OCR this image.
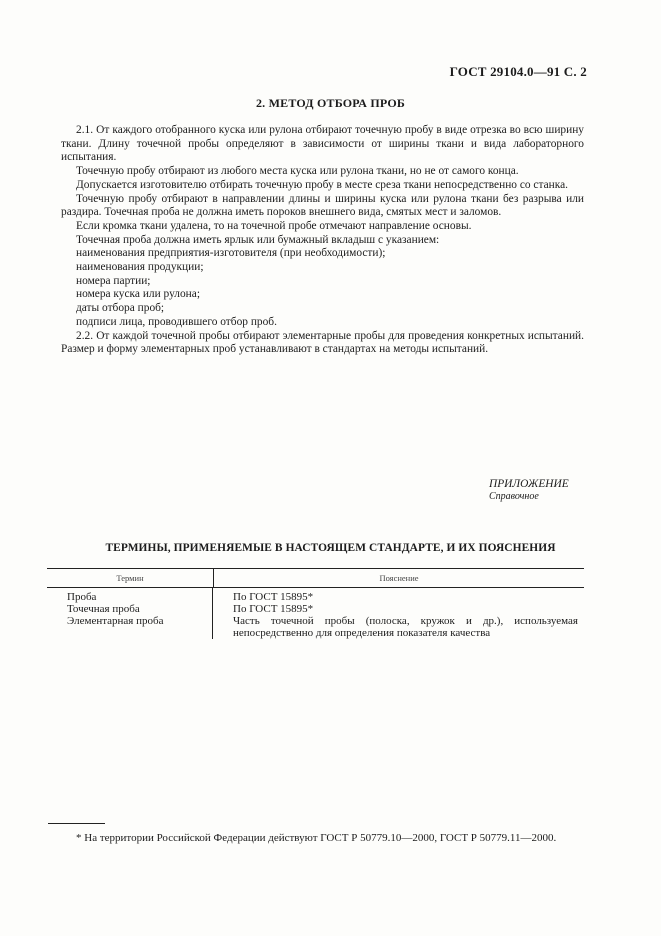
ГОСТ 29104.0—91 С. 2
2. МЕТОД ОТБОРА ПРОБ

2.1. От каждого отобранного куска или рулона отбирают точечную пробу в виде отрезка во всю ширину ткани. Длину точечной пробы определяют в зависимости от ширины ткани и вида лабораторного испытания.

Точечную пробу отбирают из любого места куска или рулона ткани, но не от самого конца.

Допускается изготовителю отбирать точечную пробу в месте среза ткани непосредственно со станка.

Точечную пробу отбирают в направлении длины и ширины куска или рулона ткани без разрыва или раздира. Точечная проба не должна иметь пороков внешнего вида, смятых мест и заломов.

Если кромка ткани удалена, то на точечной пробе отмечают направление основы.

Точечная проба должна иметь ярлык или бумажный вкладыш с указанием:

наименования предприятия-изготовителя (при необходимости);

наименования продукции;

номера партии;

номера куска или рулона;

даты отбора проб;

подписи лица, проводившего отбор проб.

2.2. От каждой точечной пробы отбирают элементарные пробы для проведения конкретных испытаний. Размер и форму элементарных проб устанавливают в стандартах на методы испытаний.

ПРИЛОЖЕНИЕ
Справочное
ТЕРМИНЫ, ПРИМЕНЯЕМЫЕ В НАСТОЯЩЕМ СТАНДАРТЕ, И ИХ ПОЯСНЕНИЯ
Термин	Пояснение
Проба
Точечная проба
Элементарная проба
По ГОСТ 15895*
По ГОСТ 15895*
Часть точечной пробы (полоска, кружок и др.), используемая непосредственно для определения показателя качества
* На территории Российской Федерации действуют ГОСТ Р 50779.10—2000, ГОСТ Р 50779.11—2000.
